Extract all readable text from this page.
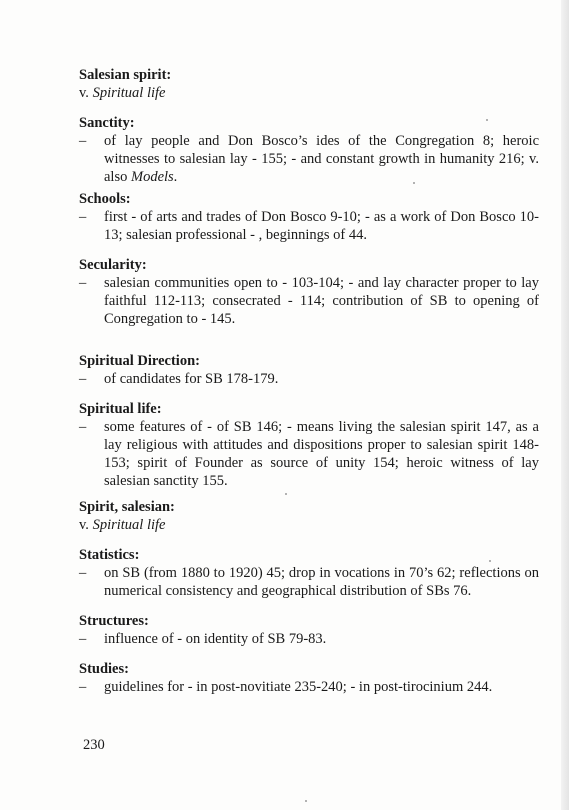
Salesian spirit:
v. Spiritual life
Sanctity:
– of lay people and Don Bosco’s ides of the Congregation 8; heroic witnesses to salesian lay - 155; - and constant growth in humanity 216; v. also Models.
Schools:
– first - of arts and trades of Don Bosco 9-10; - as a work of Don Bosco 10-13; salesian professional - , beginnings of 44.
Secularity:
– salesian communities open to - 103-104; - and lay character proper to lay faithful 112-113; consecrated - 114; contribution of SB to opening of Congregation to - 145.
Spiritual Direction:
– of candidates for SB 178-179.
Spiritual life:
– some features of - of SB 146; - means living the salesian spirit 147, as a lay religious with attitudes and dispositions proper to salesian spirit 148-153; spirit of Founder as source of unity 154; heroic witness of lay salesian sanctity 155.
Spirit, salesian:
v. Spiritual life
Statistics:
– on SB (from 1880 to 1920) 45; drop in vocations in 70’s 62; reflections on numerical consistency and geographical distribution of SBs 76.
Structures:
– influence of - on identity of SB 79-83.
Studies:
– guidelines for - in post-novitiate 235-240; - in post-tirocinium 244.
230
